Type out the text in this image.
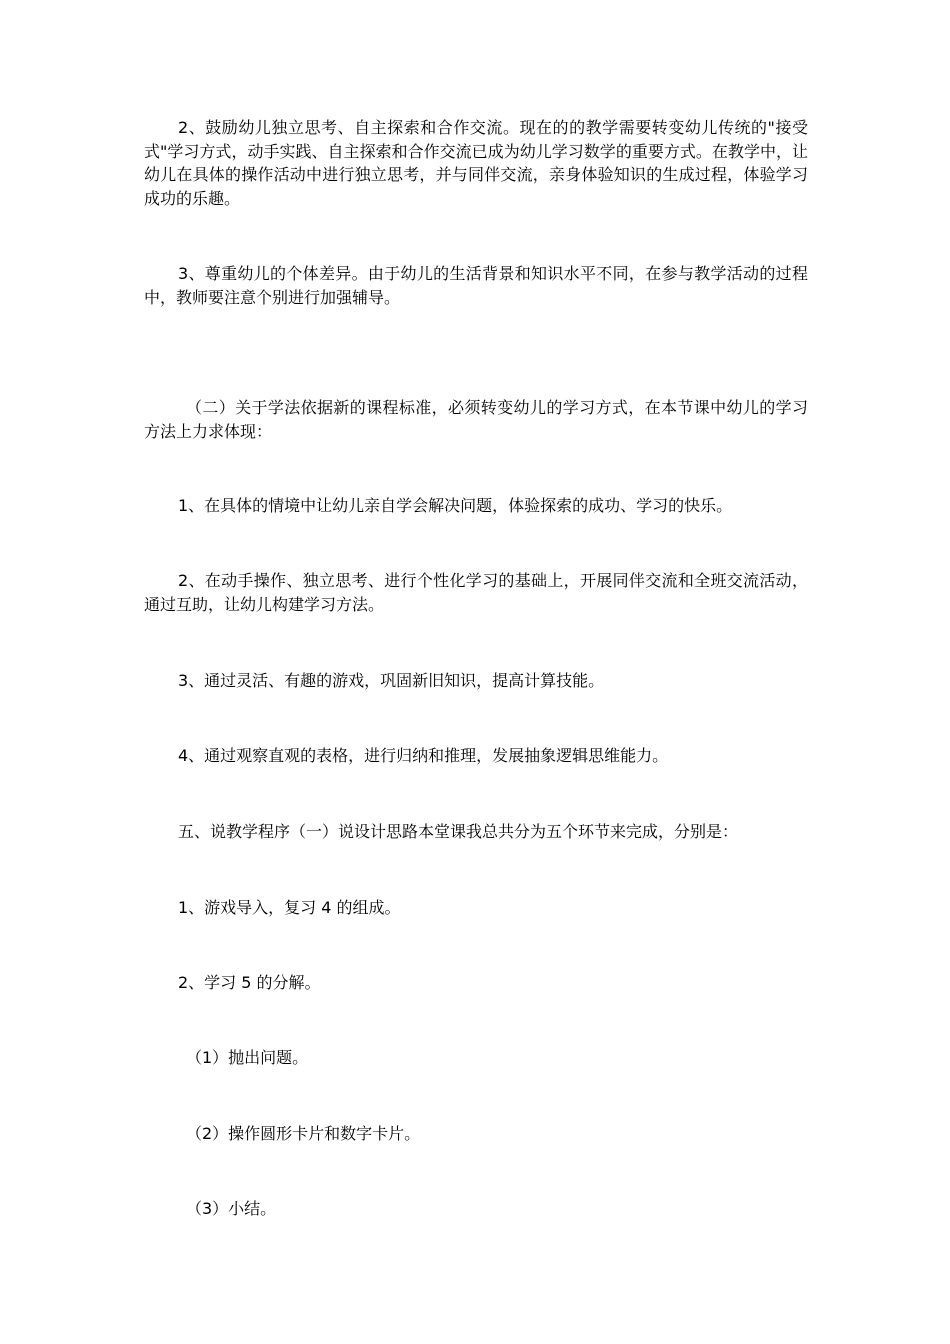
2、鼓励幼儿独立思考、自主探索和合作交流。现在的的教学需要转变幼儿传统的"接受式"学习方式，动手实践、自主探索和合作交流已成为幼儿学习数学的重要方式。在教学中，让幼儿在具体的操作活动中进行独立思考，并与同伴交流，亲身体验知识的生成过程，体验学习成功的乐趣。

3、尊重幼儿的个体差异。由于幼儿的生活背景和知识水平不同，在参与教学活动的过程中，教师要注意个别进行加强辅导。

（二）关于学法依据新的课程标准，必须转变幼儿的学习方式，在本节课中幼儿的学习方法上力求体现：

1、在具体的情境中让幼儿亲自学会解决问题，体验探索的成功、学习的快乐。

2、在动手操作、独立思考、进行个性化学习的基础上，开展同伴交流和全班交流活动，通过互助，让幼儿构建学习方法。

3、通过灵活、有趣的游戏，巩固新旧知识，提高计算技能。

4、通过观察直观的表格，进行归纳和推理，发展抽象逻辑思维能力。

五、说教学程序（一）说设计思路本堂课我总共分为五个环节来完成，分别是：

1、游戏导入，复习 4 的组成。

2、学习 5 的分解。

（1）抛出问题。

（2）操作圆形卡片和数字卡片。

（3）小结。
